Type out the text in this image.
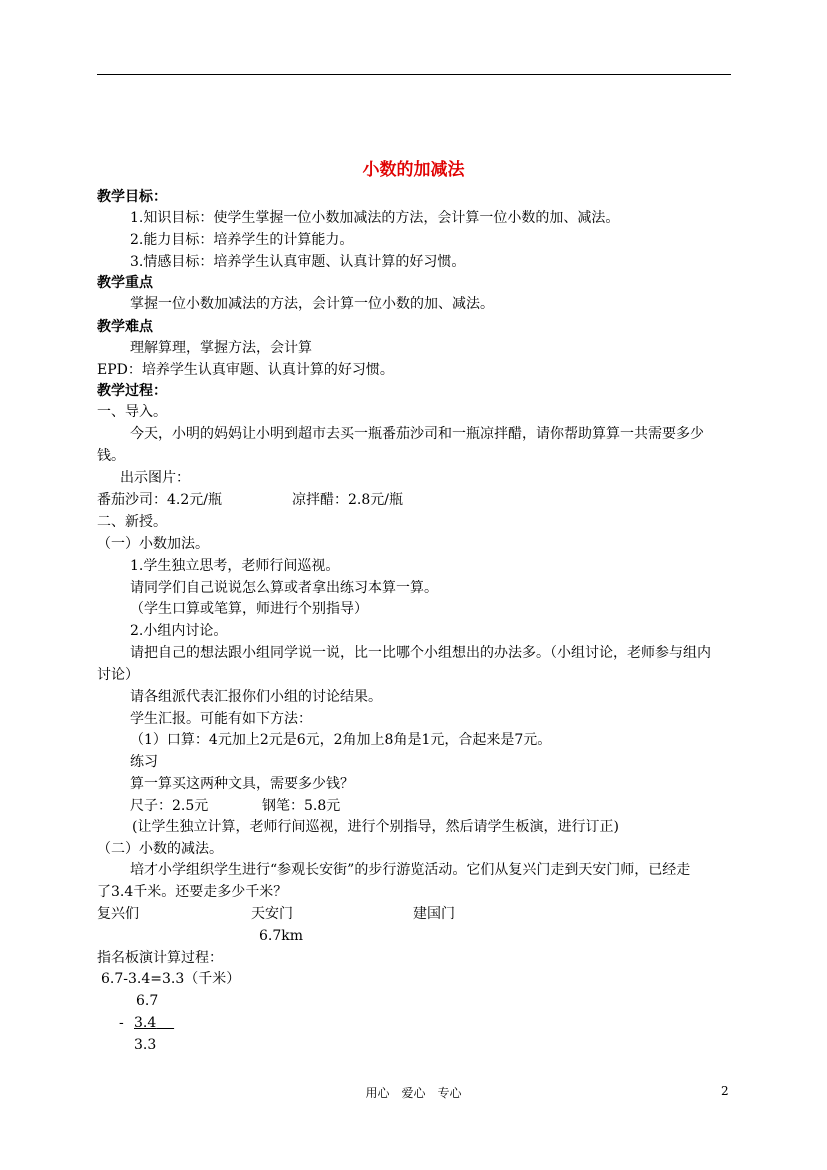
小数的加减法
教学目标：
1.知识目标：使学生掌握一位小数加减法的方法，会计算一位小数的加、减法。
2.能力目标：培养学生的计算能力。
3.情感目标：培养学生认真审题、认真计算的好习惯。
教学重点
掌握一位小数加减法的方法，会计算一位小数的加、减法。
教学难点
理解算理，掌握方法，会计算
EPD：培养学生认真审题、认真计算的好习惯。
教学过程：
一、导入。
今天，小明的妈妈让小明到超市去买一瓶番茄沙司和一瓶凉拌醋，请你帮助算算一共需要多少
钱。
出示图片：
番茄沙司：4.2元/瓶	凉拌醋：2.8元/瓶
二、新授。
（一）小数加法。
1.学生独立思考，老师行间巡视。
请同学们自己说说怎么算或者拿出练习本算一算。
（学生口算或笔算，师进行个别指导）
2.小组内讨论。
请把自己的想法跟小组同学说一说，比一比哪个小组想出的办法多。（小组讨论，老师参与组内
讨论）
请各组派代表汇报你们小组的讨论结果。
学生汇报。可能有如下方法：
（1）口算：4元加上2元是6元，2角加上8角是1元，合起来是7元。
练习
算一算买这两种文具，需要多少钱？
尺子：2.5元	钢笔：5.8元
(让学生独立计算，老师行间巡视，进行个别指导，然后请学生板演，进行订正)
（二）小数的减法。
培才小学组织学生进行“参观长安街”的步行游览活动。它们从复兴门走到天安门师，已经走
了3.4千米。还要走多少千米？
复兴们	天安门	建国门
6.7km
指名板演计算过程：
6.7-3.4=3.3（千米）
6.7
- 3.4
3.3
用心　爱心　专心	2
